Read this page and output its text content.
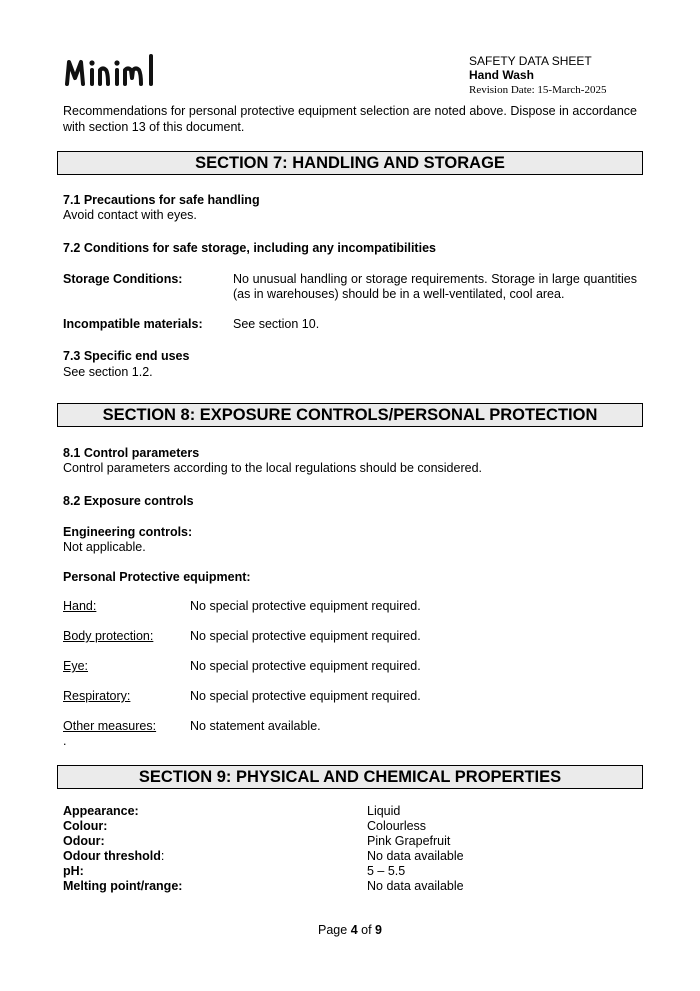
SAFETY DATA SHEET
Hand Wash
Revision Date: 15-March-2025
Recommendations for personal protective equipment selection are noted above. Dispose in accordance with section 13 of this document.
SECTION 7: HANDLING AND STORAGE
7.1 Precautions for safe handling
Avoid contact with eyes.
7.2 Conditions for safe storage, including any incompatibilities
Storage Conditions:	No unusual handling or storage requirements. Storage in large quantities (as in warehouses) should be in a well-ventilated, cool area.
Incompatible materials: See section 10.
7.3 Specific end uses
See section 1.2.
SECTION 8: EXPOSURE CONTROLS/PERSONAL PROTECTION
8.1 Control parameters
Control parameters according to the local regulations should be considered.
8.2 Exposure controls
Engineering controls:
Not applicable.
Personal Protective equipment:
Hand:	No special protective equipment required.
Body protection:	No special protective equipment required.
Eye:	No special protective equipment required.
Respiratory:	No special protective equipment required.
Other measures:	No statement available.
.
SECTION 9: PHYSICAL AND CHEMICAL PROPERTIES
Appearance:	Liquid
Colour:	Colourless
Odour:	Pink Grapefruit
Odour threshold:	No data available
pH:	5 – 5.5
Melting point/range:	No data available
Page 4 of 9
